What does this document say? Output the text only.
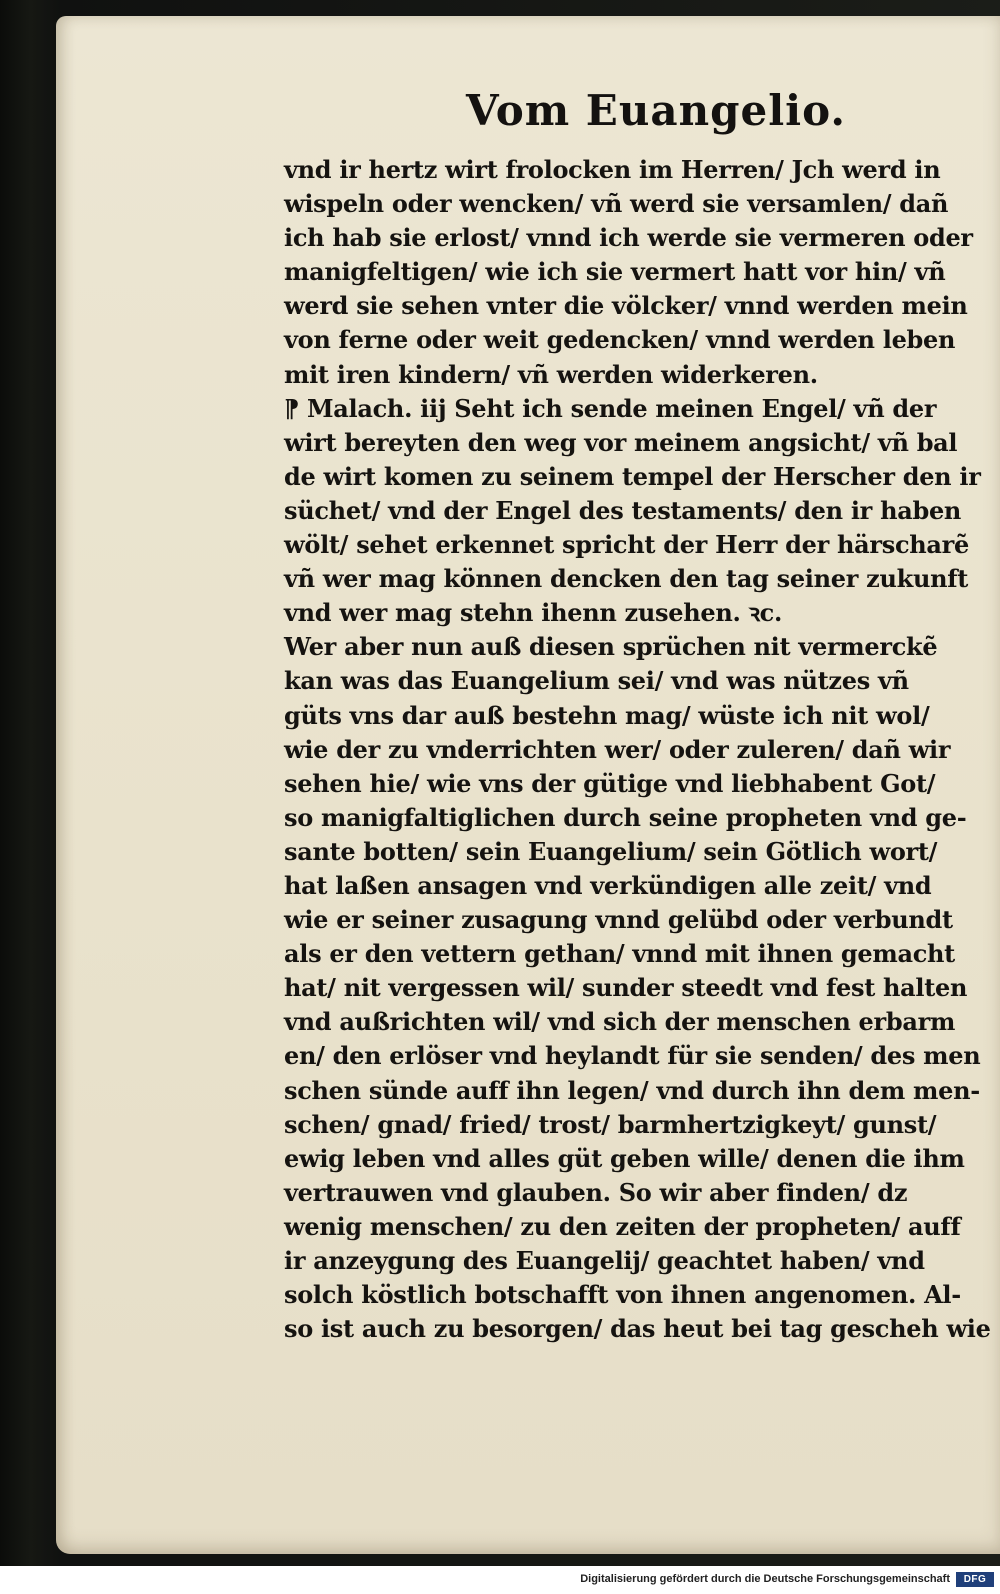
Vom Euangelio.
vnd ir hertz wirt frolocken im Herren/ Jch werd in
wispeln oder wencken/ vñ werd sie versamlen/ dañ
ich hab sie erlost/ vnnd ich werde sie vermeren oder
manigfeltigen/ wie ich sie vermert hatt vor hin/ vñ
werd sie sehen vnter die völcker/ vnnd werden mein
von ferne oder weit gedencken/ vnnd werden leben
mit iren kindern/ vñ werden widerkeren.
⁋ Malach. iij Seht ich sende meinen Engel/ vñ der
wirt bereyten den weg vor meinem angsicht/ vñ bal
de wirt komen zu seinem tempel der Herscher den ir
süchet/ vnd der Engel des testaments/ den ir haben
wölt/ sehet erkennet spricht der Herr der härscharẽ
vñ wer mag können dencken den tag seiner zukunft
vnd wer mag stehn ihenn zusehen. ꝛc.
Wer aber nun auß diesen sprüchen nit vermerckẽ
kan was das Euangelium sei/ vnd was nützes vñ
güts vns dar auß bestehn mag/ wüste ich nit wol/
wie der zu vnderrichten wer/ oder zuleren/ dañ wir
sehen hie/ wie vns der gütige vnd liebhabent Got/
so manigfaltiglichen durch seine propheten vnd ge-
sante botten/ sein Euangelium/ sein Götlich wort/
hat laßen ansagen vnd verkündigen alle zeit/ vnd
wie er seiner zusagung vnnd gelübd oder verbundt
als er den vettern gethan/ vnnd mit ihnen gemacht
hat/ nit vergessen wil/ sunder steedt vnd fest halten
vnd außrichten wil/ vnd sich der menschen erbarm
en/ den erlöser vnd heylandt für sie senden/ des men
schen sünde auff ihn legen/ vnd durch ihn dem men-
schen/ gnad/ fried/ trost/ barmhertzigkeyt/ gunst/
ewig leben vnd alles güt geben wille/ denen die ihm
vertrauwen vnd glauben. So wir aber finden/ dz
wenig menschen/ zu den zeiten der propheten/ auff
ir anzeygung des Euangelij/ geachtet haben/ vnd
solch köstlich botschafft von ihnen angenomen. Al-
so ist auch zu besorgen/ das heut bei tag gescheh wie
Digitalisierung gefördert durch die Deutsche Forschungsgemeinschaft	DFG
